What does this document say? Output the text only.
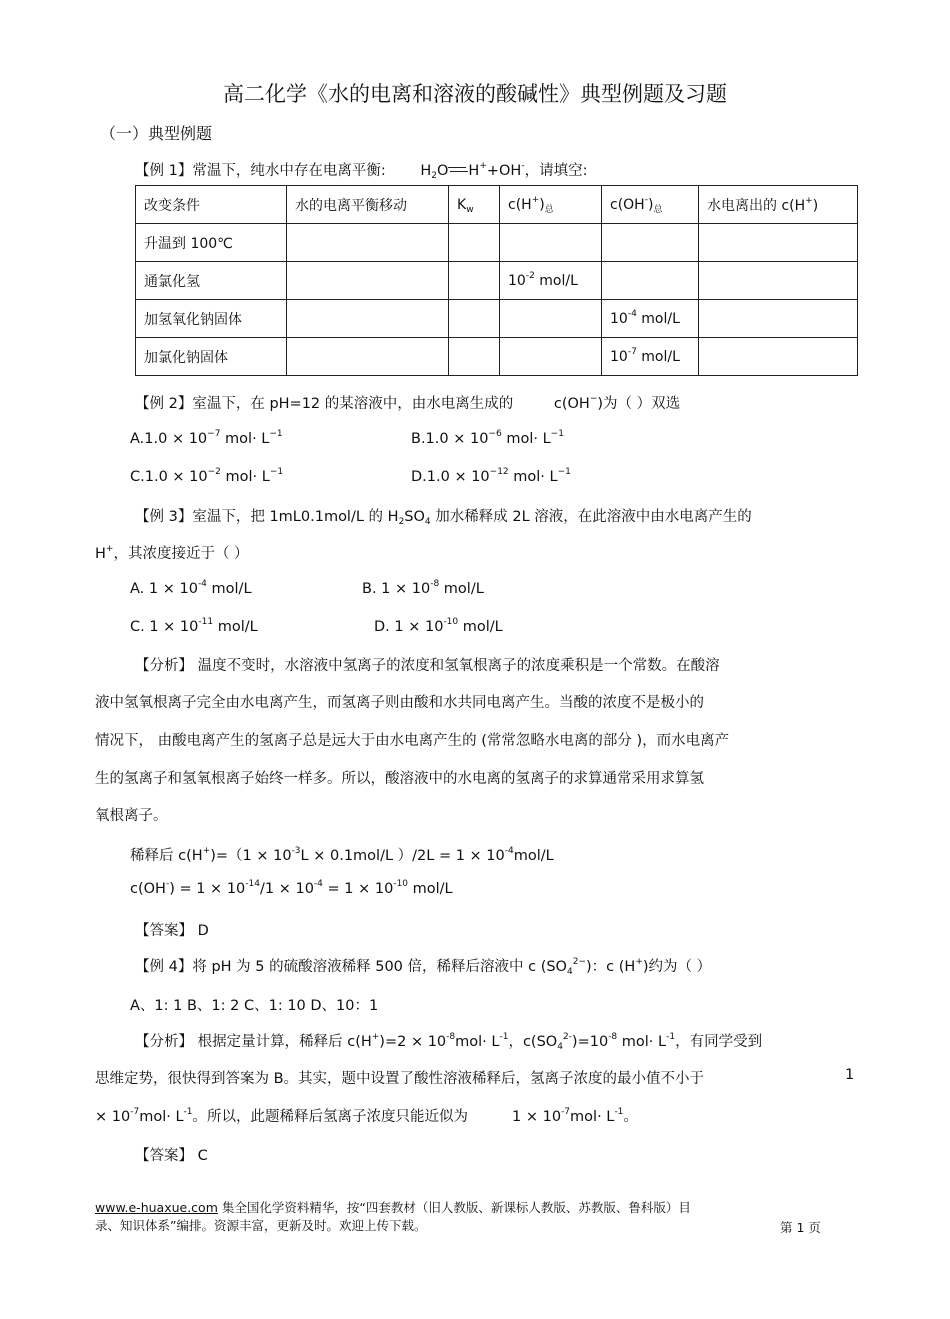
高二化学《水的电离和溶液的酸碱性》典型例题及习题
（一）典型例题
【例 1】常温下，纯水中存在电离平衡: $H_2O$ H++OH-，请填空:
改变条件	水的电离平衡移动	$K_w$	$c(H^+)_总$	$c(OH^-)_总$	水电离出的 c(H+)
升温到 100℃					
通氯化氢			$10^{-2}$ mol/L		
加氢氧化钠固体				$10^{-4}$ mol/L	
加氯化钠固体				$10^{-7}$ mol/L	
【例 2】室温下，在 pH=12 的某溶液中，由水电离生成的	c(OH−)为（ ）双选
$A.1.0 \times 10^{-7}$ $mol\cdot L^{-1}$	$B.1.0 \times 10^{-6}$ $mol\cdot L^{-1}$
$C.1.0 \times 10^{-2}$ $mol\cdot L^{-1}$	$D.1.0 \times 10^{-12}$ $mol\cdot L^{-1}$
【例 3】室温下，把 1mL0.1mol/L 的 $H_2SO_4$ 加水稀释成 2L 溶液，在此溶液中由水电离产生的
H+，其浓度接近于（ ）
A. $1 \times 10^{-4}$ mol/L	B. $1 \times 10^{-8}$ mol/L
C. $1 \times 10^{-11}$ mol/L	D. $1 \times 10^{-10}$ mol/L
【分析】 温度不变时，水溶液中氢离子的浓度和氢氧根离子的浓度乘积是一个常数。在酸溶
液中氢氧根离子完全由水电离产生，而氢离子则由酸和水共同电离产生。当酸的浓度不是极小的
情况下， 由酸电离产生的氢离子总是远大于由水电离产生的 (常常忽略水电离的部分 )，而水电离产
生的氢离子和氢氧根离子始终一样多。所以，酸溶液中的水电离的氢离子的求算通常采用求算氢
氧根离子。
稀释后 $c(H^+)=(1 \times 10^{-3}L \times 0.1mol/L$ ）$/2L = 1 \times 10^{-4}mol/L$
$c(OH^-) = 1 \times 10^{-14}/1 \times 10^{-4} = 1 \times 10^{-10}$ mol/L
【答案】 D
【例 4】将 pH 为 5 的硫酸溶液稀释 500 倍，稀释后溶液中 c $(SO_4^{2-})$：c (H+)约为（ ）
A、1: 1 B、1: 2 C、1: 10 D、10：1
【分析】 根据定量计算，稀释后 $c(H^+)=2 \times 10^{-8}mol\cdot L^{-1}$，$c(SO_4^{2-})=10^{-8}$ $mol\cdot L^{-1}$，有同学受到
思维定势，很快得到答案为 B。其实，题中设置了酸性溶液稀释后，氢离子浓度的最小值不小于	1
× $10^{-7}mol\cdot L^{-1}$。所以，此题稀释后氢离子浓度只能近似为	$1 \times 10^{-7}mol\cdot L^{-1}$。
【答案】 C
www.e-huaxue.com 集全国化学资料精华，按“四套教材（旧人教版、新课标人教版、苏教版、鲁科版）目
录、知识体系”编排。资源丰富，更新及时。欢迎上传下载。	第 1 页
